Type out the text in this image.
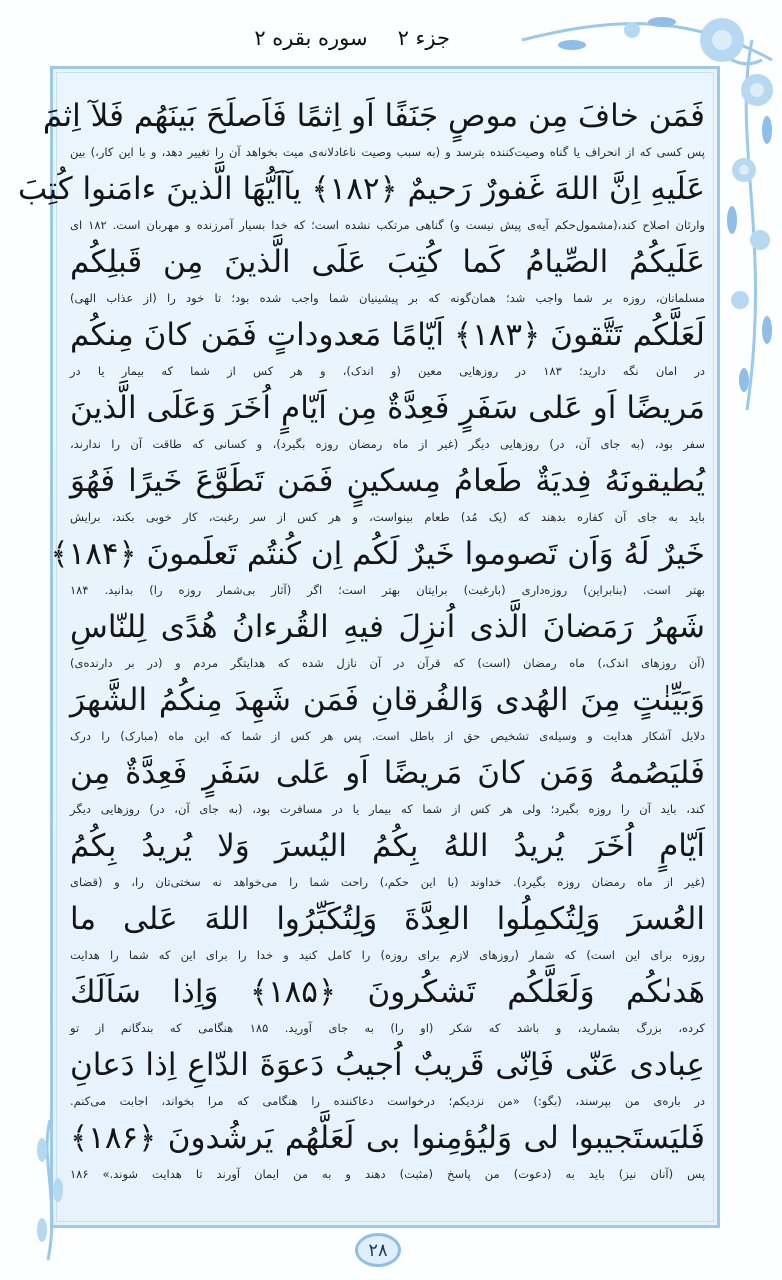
جزء ۲
سوره بقره ۲
فَمَن خافَ مِن موصٍ جَنَفًا اَو اِثمًا فَاَصلَحَ بَينَهُم فَلآ اِثمَ
پس کسی که از انحراف یا گناه وصیت‌کننده بترسد و (به سبب وصیت ناعادلانه‌ی میت بخواهد آن را تغییر دهد، و با این کار،) بین
عَلَيهِ اِنَّ اللهَ غَفورٌ رَحيمٌ ﴿۱۸۲﴾ يآاَيُّهَا الَّذينَ ءامَنوا كُتِبَ
وارثان اصلاح کند،(مشمول‌حکم آیه‌ی پیش نیست و) گناهی مرتکب نشده است؛ که خدا بسیار آمرزنده و مهربان است. ۱۸۲ ای
عَلَيكُمُ الصِّيامُ كَما كُتِبَ عَلَى الَّذينَ مِن قَبلِكُم
مسلمانان، روزه بر شما واجب شد؛ همان‌گونه که بر پیشینیان شما واجب شده بود؛ تا خود را (از عذاب الهی)
لَعَلَّكُم تَتَّقونَ ﴿۱۸۳﴾ اَيّامًا مَعدوداتٍ فَمَن كانَ مِنكُم
در امان نگه دارید؛ ۱۸۳ در روزهایی معین (و اندک)، و هر کس از شما که بیمار یا در
مَريضًا اَو عَلى سَفَرٍ فَعِدَّةٌ مِن اَيّامٍ اُخَرَ وَعَلَى الَّذينَ
سفر بود، (به جای آن، در) روزهایی دیگر (غیر از ماه رمضان روزه بگیرد)، و کسانی که طاقت آن را ندارند،
يُطيقونَهُ فِديَةٌ طَعامُ مِسكينٍ فَمَن تَطَوَّعَ خَيرًا فَهُوَ
باید به جای آن کفاره بدهند که (یک مُد) طعام بینواست، و هر کس از سر رغبت، کار خوبی بکند، برایش
خَيرٌ لَهُ وَاَن تَصوموا خَيرٌ لَكُم اِن كُنتُم تَعلَمونَ ﴿۱۸۴﴾
بهتر است. (بنابراین) روزه‌داری (بارغبت) برایتان بهتر است؛ اگر (آثار بی‌شمار روزه را) بدانید. ۱۸۴
شَهرُ رَمَضانَ الَّذى اُنزِلَ فيهِ القُرءانُ هُدًى لِلنّاسِ
(آن روزهای اندک،) ماه رمضان (است) که قرآن در آن نازل شده که هدایتگر مردم و (در بر دارنده‌ی)
وَبَيِّنٰتٍ مِنَ الهُدى وَالفُرقانِ فَمَن شَهِدَ مِنكُمُ الشَّهرَ
دلایل آشکار هدایت و وسیله‌ی تشخیص حق از باطل است. پس هر کس از شما که این ماه (مبارک) را درک
فَليَصُمهُ وَمَن كانَ مَريضًا اَو عَلى سَفَرٍ فَعِدَّةٌ مِن
کند، باید آن را روزه بگیرد؛ ولی هر کس از شما که بیمار یا در مسافرت بود، (به جای آن، در) روزهایی دیگر
اَيّامٍ اُخَرَ يُريدُ اللهُ بِكُمُ اليُسرَ وَلا يُريدُ بِكُمُ
(غیر از ماه رمضان روزه بگیرد). خداوند (با این حکم،) راحت شما را می‌خواهد نه سختی‌تان را، و (قضای
العُسرَ وَلِتُكمِلُوا العِدَّةَ وَلِتُكَبِّرُوا اللهَ عَلى ما
روزه برای این است) که شمار (روزهای لازم برای روزه) را کامل کنید و خدا را برای این که شما را هدایت
هَدىٰكُم وَلَعَلَّكُم تَشكُرونَ ﴿۱۸۵﴾ وَاِذا سَاَلَكَ
کرده، بزرگ بشمارید، و باشد که شکر (او را) به جای آورید. ۱۸۵ هنگامی که بندگانم از تو
عِبادى عَنّى فَاِنّى قَريبٌ اُجيبُ دَعوَةَ الدّاعِ اِذا دَعانِ
در باره‌ی من بپرسند، (بگو:) «من نزدیکم؛ درخواست دعاکننده را هنگامی که مرا بخواند، اجابت می‌کنم.
فَليَستَجيبوا لى وَليُؤمِنوا بى لَعَلَّهُم يَرشُدونَ ﴿۱۸۶﴾
پس (آنان نیز) باید به (دعوت) من پاسخ (مثبت) دهند و به من ایمان آورند تا هدایت شوند.» ۱۸۶
۲۸
